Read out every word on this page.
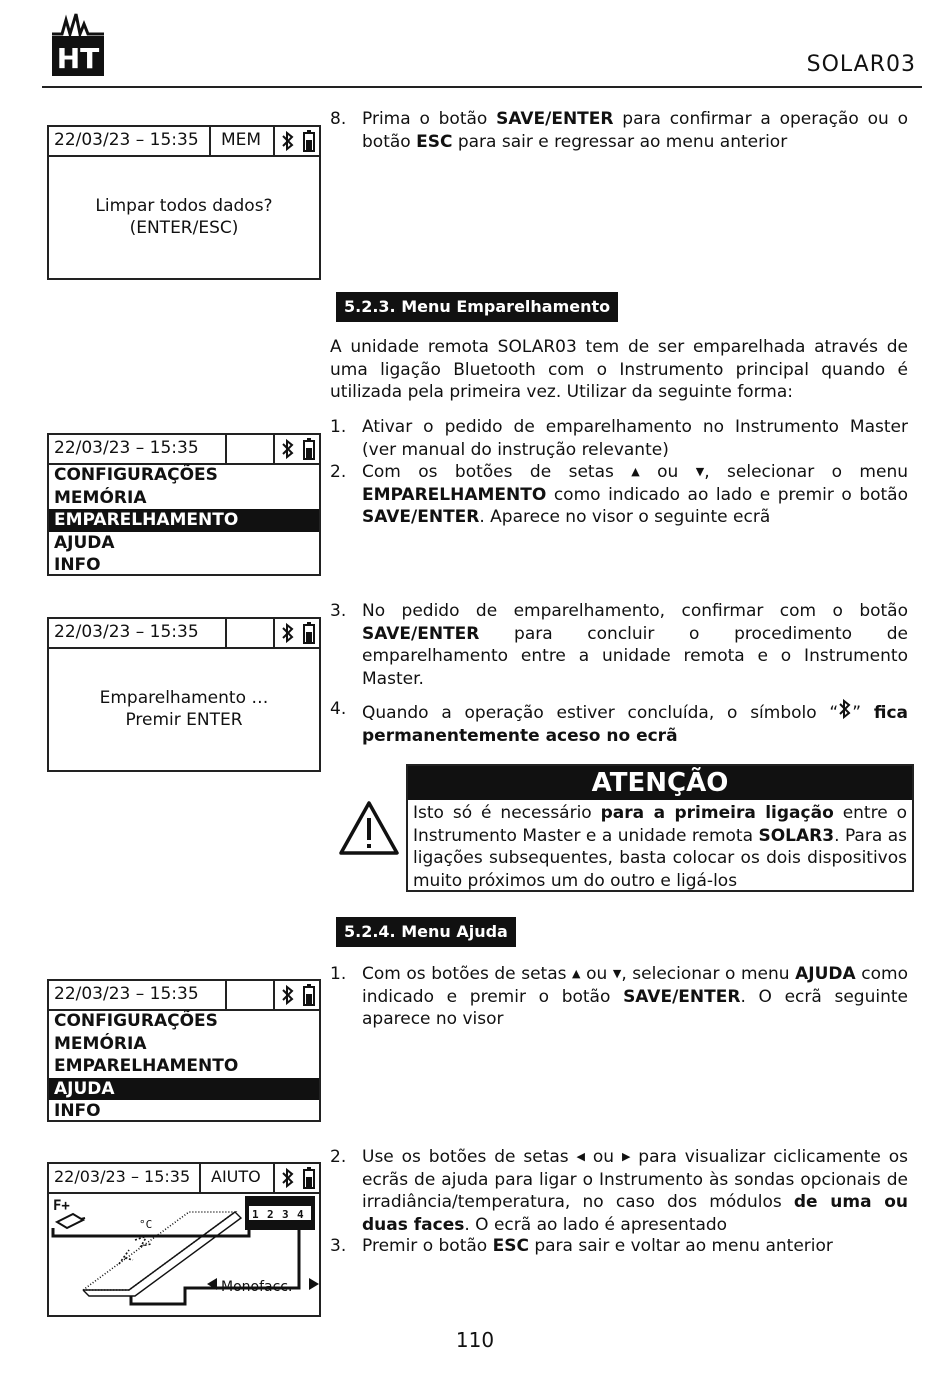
HT	SOLAR03
22/03/23 – 15:35 MEM
Limpar todos dados?
(ENTER/ESC)
8. Prima o botão SAVE/ENTER para confirmar a operação ou o botão ESC para sair e regressar ao menu anterior
5.2.3. Menu Emparelhamento
A unidade remota SOLAR03 tem de ser emparelhada através de uma ligação Bluetooth com o Instrumento principal quando é utilizada pela primeira vez. Utilizar da seguinte forma:
1. Ativar o pedido de emparelhamento no Instrumento Master (ver manual do instrução relevante)
2. Com os botões de setas ▲ ou ▼, selecionar o menu EMPARELHAMENTO como indicado ao lado e premir o botão SAVE/ENTER. Aparece no visor o seguinte ecrã
22/03/23 – 15:35
CONFIGURAÇÕES
MEMÓRIA
EMPARELHAMENTO
AJUDA
INFO
22/03/23 – 15:35
Emparelhamento …
Premir ENTER
3. No pedido de emparelhamento, confirmar com o botão SAVE/ENTER para concluir o procedimento de emparelhamento entre a unidade remota e o Instrumento Master.
4. Quando a operação estiver concluída, o símbolo “ ” fica permanentemente aceso no ecrã
ATENÇÃO
Isto só é necessário para a primeira ligação entre o Instrumento Master e a unidade remota SOLAR3. Para as ligações subsequentes, basta colocar os dois dispositivos muito próximos um do outro e ligá-los
5.2.4. Menu Ajuda
1. Com os botões de setas ▲ ou ▼, selecionar o menu AJUDA como indicado e premir o botão SAVE/ENTER. O ecrã seguinte aparece no visor
22/03/23 – 15:35
CONFIGURAÇÕES
MEMÓRIA
EMPARELHAMENTO
AJUDA
INFO
22/03/23 – 15:35 AIUTO
F+
°C
1 2 3 4
Monofacc.
2. Use os botões de setas ◀ ou ▶ para visualizar ciclicamente os ecrãs de ajuda para ligar o Instrumento às sondas opcionais de irradiância/temperatura, no caso dos módulos de uma ou duas faces. O ecrã ao lado é apresentado
3. Premir o botão ESC para sair e voltar ao menu anterior
110
